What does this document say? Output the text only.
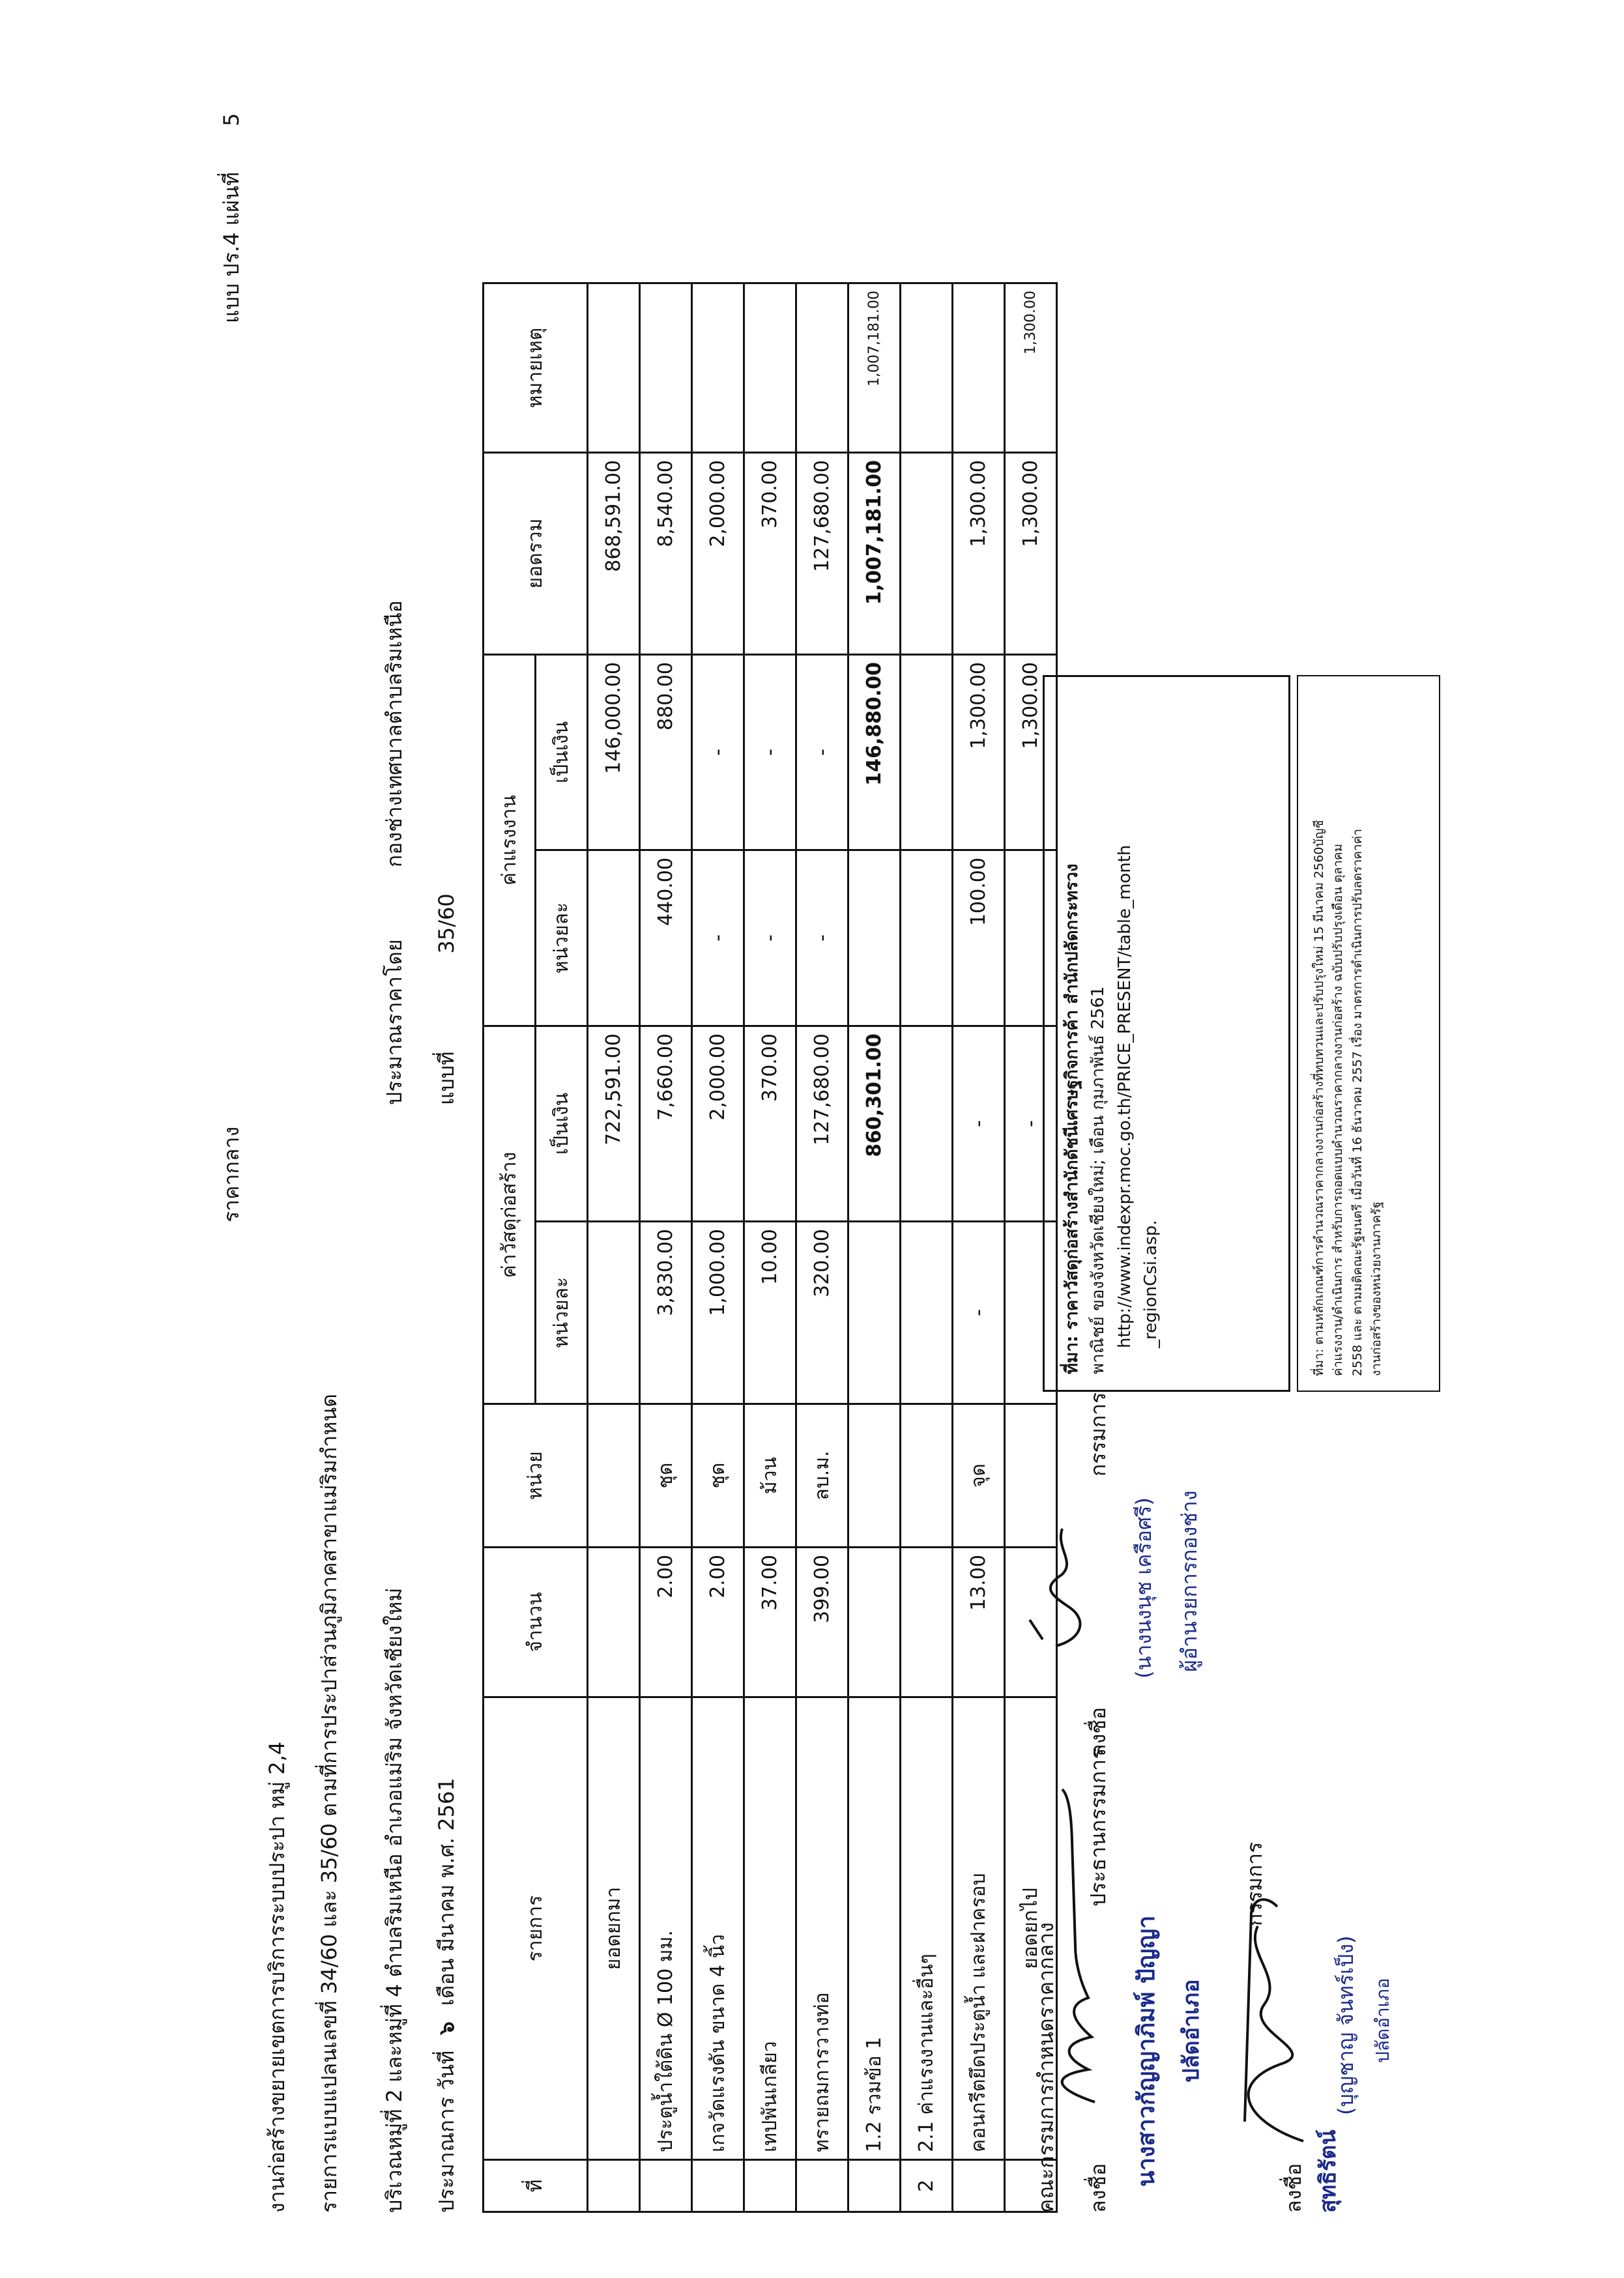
ราคากลาง
แบบ ปร.4 แผ่นที่ 5
งานก่อสร้างขยายเขตการบริการระบบประปา หมู่ 2,4 รายการแบบแปลนเลขที่ 34/60 และ 35/60 ตามที่การประปาส่วนภูมิภาคสาขาแม่ริมกำหนด บริเวณหมู่ที่ 2 และหมู่ที่ 4 ตำบลริมเหนือ อำเภอแม่ริม จังหวัดเชียงใหม่
ประมาณราคาโดย กองช่างเทศบาลตำบลริมเหนือ
ประมาณการ วันที่ ๖ เดือน มีนาคม พ.ศ. 2561
แบบที่ 35/60
ที่	รายการ	จำนวน	หน่วย	ค่าวัสดุก่อสร้าง		ค่าแรงงาน		ยอดรวม	หมายเหตุ
				หน่วยละ	เป็นเงิน	หน่วยละ	เป็นเงิน		
	ยอดยกมา				722,591.00		146,000.00	868,591.00	
	ประตูน้ำใต้ดิน Ø 100 มม.	2.00	ชุด	3,830.00	7,660.00	440.00	880.00	8,540.00	
	เกจวัดแรงดัน ขนาด 4 นิ้ว	2.00	ชุด	1,000.00	2,000.00	-	-	2,000.00	
	เทปพันเกลียว	37.00	ม้วน	10.00	370.00	-	-	370.00	
	ทรายถมการวางท่อ	399.00	ลบ.ม.	320.00	127,680.00	-	-	127,680.00	
	1.2 รวมข้อ 1				860,301.00		146,880.00	1,007,181.00	1,007,181.00
2	2.1 ค่าแรงงานและอื่นๆ								
	คอนกรีตยึดประตูน้ำ และฝาครอบ	13.00	จุด	-	-	100.00	1,300.00	1,300.00	
	ยอดยกไป				-		1,300.00	1,300.00	1,300.00
ที่มา: ราคาวัสดุก่อสร้างสำนักดัชนีเศรษฐกิจการค้า สำนักปลัดกระทรวง พาณิชย์ ของจังหวัดเชียงใหม่; เดือน กุมภาพันธ์ 2561 http://www.indexpr.moc.go.th/PRICE_PRESENT/table_month _regionCsi.asp.	ที่มา: ตามหลักเกณฑ์การคำนวณราคากลางงานก่อสร้างที่ทบทวนและปรับปรุงใหม่ 15 มีนาคม 2560บัญชี ค่าแรงงาน/ดำเนินการ สำหรับการถอดแบบคำนวณราคากลางงานก่อสร้าง ฉบับปรับปรุงเดือน ตุลาคม 2558 และ ตามมติคณะรัฐมนตรี เมื่อวันที่ 16 ธันวาคม 2557 เรื่อง มาตรการดำเนินการปรับลดราคาค่า งานก่อสร้างของหน่วยงานภาครัฐ
คณะกรรมการกำหนดราคากลาง ลงชื่อ
ประธานกรรมการ
นางสาวกัญญาภิมพ์ ปัญญา ปลัดอำเภอ
ลงชื่อ
กรรมการ
(นางนงนุช เครือศรี) ผู้อำนวยการกองช่าง
ลงชื่อ สุทธิรัตน์
กรรมการ
(บุญชาญ จันทร์เป็ง) ปลัดอำเภอ
